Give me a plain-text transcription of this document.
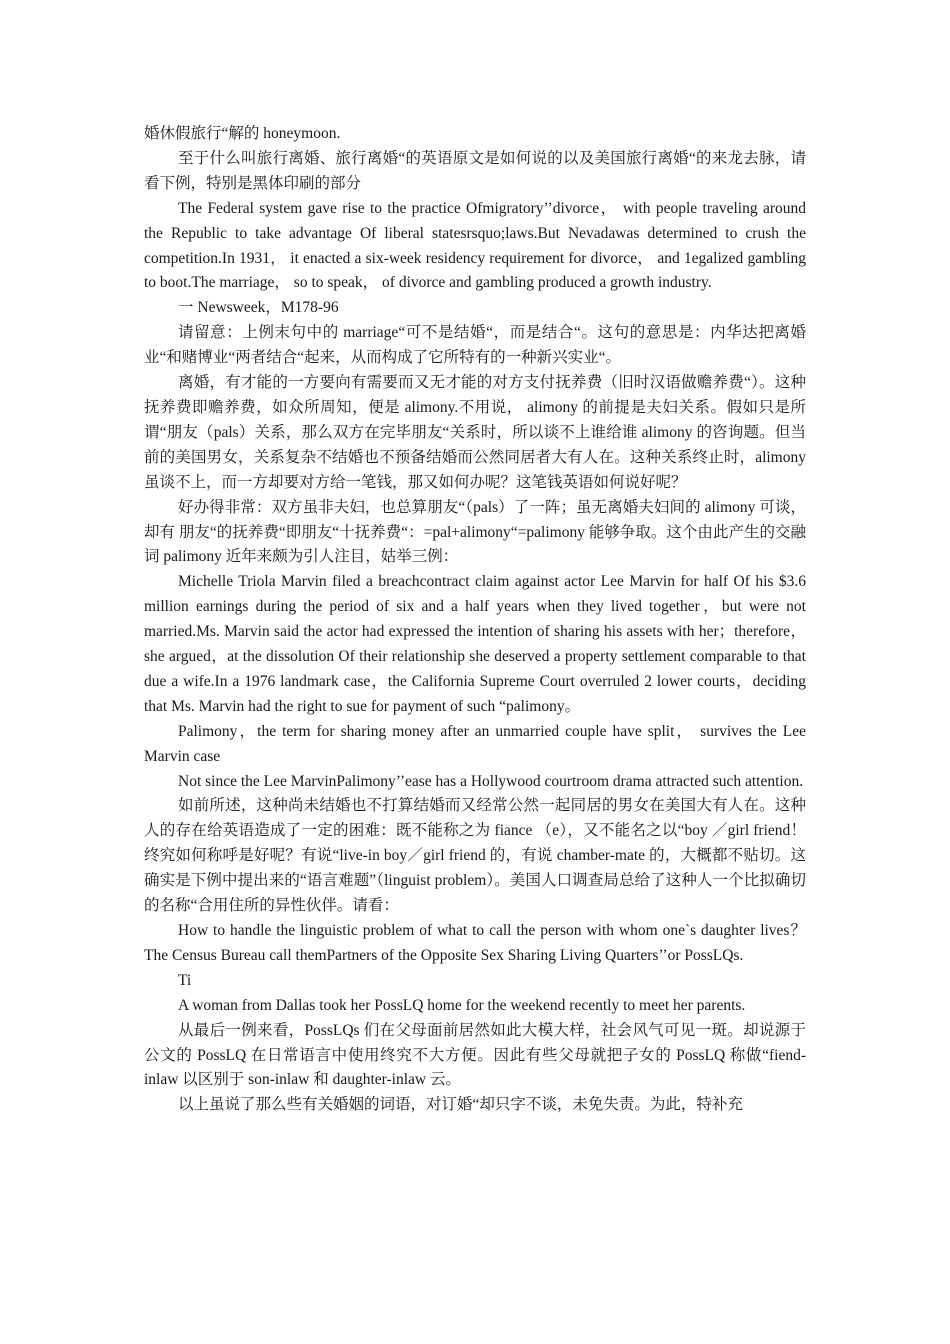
婚休假旅行“解的 honeymoon.

至于什么叫旅行离婚、旅行离婚“的英语原文是如何说的以及美国旅行离婚“的来龙去脉，请看下例，特别是黑体印刷的部分

The Federal system gave rise to the practice Ofmigratory’’divorce， with people traveling around the Republic to take advantage Of liberal statesrsquo;laws.But Nevadawas determined to crush the competition.In 1931， it enacted a six-week residency requirement for divorce， and 1egalized gambling to boot.The marriage， so to speak， of divorce and gambling produced a growth industry.

一 Newsweek，M178-96

请留意：上例末句中的 marriage“可不是结婚“，而是结合“。这句的意思是：内华达把离婚业“和赌博业“两者结合“起来，从而构成了它所特有的一种新兴实业“。

离婚，有才能的一方要向有需要而又无才能的对方支付抚养费（旧时汉语做赡养费“）。这种抚养费即赡养费，如众所周知，便是 alimony.不用说， alimony 的前提是夫妇关系。假如只是所谓“朋友（pals）关系，那么双方在完毕朋友“关系时，所以谈不上谁给谁 alimony 的咨询题。但当前的美国男女，关系复杂不结婚也不预备结婚而公然同居者大有人在。这种关系终止时，alimony 虽谈不上，而一方却要对方给一笔钱，那又如何办呢？这笔钱英语如何说好呢？

好办得非常：双方虽非夫妇，也总算朋友“（pals）了一阵；虽无离婚夫妇间的 alimony 可谈，却有 朋友“的抚养费“即朋友“十抚养费“：=pal+alimony“=palimony 能够争取。这个由此产生的交融词 palimony 近年来颇为引人注目，姑举三例：

Michelle Triola Marvin filed a breachcontract claim against actor Lee Marvin for half Of his $3.6 million earnings during the period of six and a half years when they lived together，but were not married.Ms. Marvin said the actor had expressed the intention of sharing his assets with her；therefore，she argued，at the dissolution Of their relationship she deserved a property settlement comparable to that due a wife.In a 1976 landmark case，the California Supreme Court overruled 2 lower courts，deciding that Ms. Marvin had the right to sue for payment of such “palimony。

Palimony，the term for sharing money after an unmarried couple have split， survives the Lee Marvin case

Not since the Lee MarvinPalimony’’ease has a Hollywood courtroom drama attracted such attention.

如前所述，这种尚未结婚也不打算结婚而又经常公然一起同居的男女在美国大有人在。这种人的存在给英语造成了一定的困难：既不能称之为 fiance （e），又不能名之以“boy ／girl friend！终究如何称呼是好呢？有说“live-in boy／girl friend 的，有说 chamber-mate 的，大概都不贴切。这确实是下例中提出来的“语言难题”（linguist problem）。美国人口调查局总给了这种人一个比拟确切的名称“合用住所的异性伙伴。请看：

How to handle the linguistic problem of what to call the person with whom one`s daughter lives？ The Census Bureau call themPartners of the Opposite Sex Sharing Living Quarters’’or PossLQs.

Ti

A woman from Dallas took her PossLQ home for the weekend recently to meet her parents.

从最后一例来看，PossLQs 们在父母面前居然如此大模大样，社会风气可见一斑。却说源于公文的 PossLQ 在日常语言中使用终究不大方便。因此有些父母就把子女的 PossLQ 称做“fiend-inlaw 以区别于 son-inlaw 和 daughter-inlaw 云。

以上虽说了那么些有关婚姻的词语，对订婚“却只字不谈，未免失责。为此，特补充
